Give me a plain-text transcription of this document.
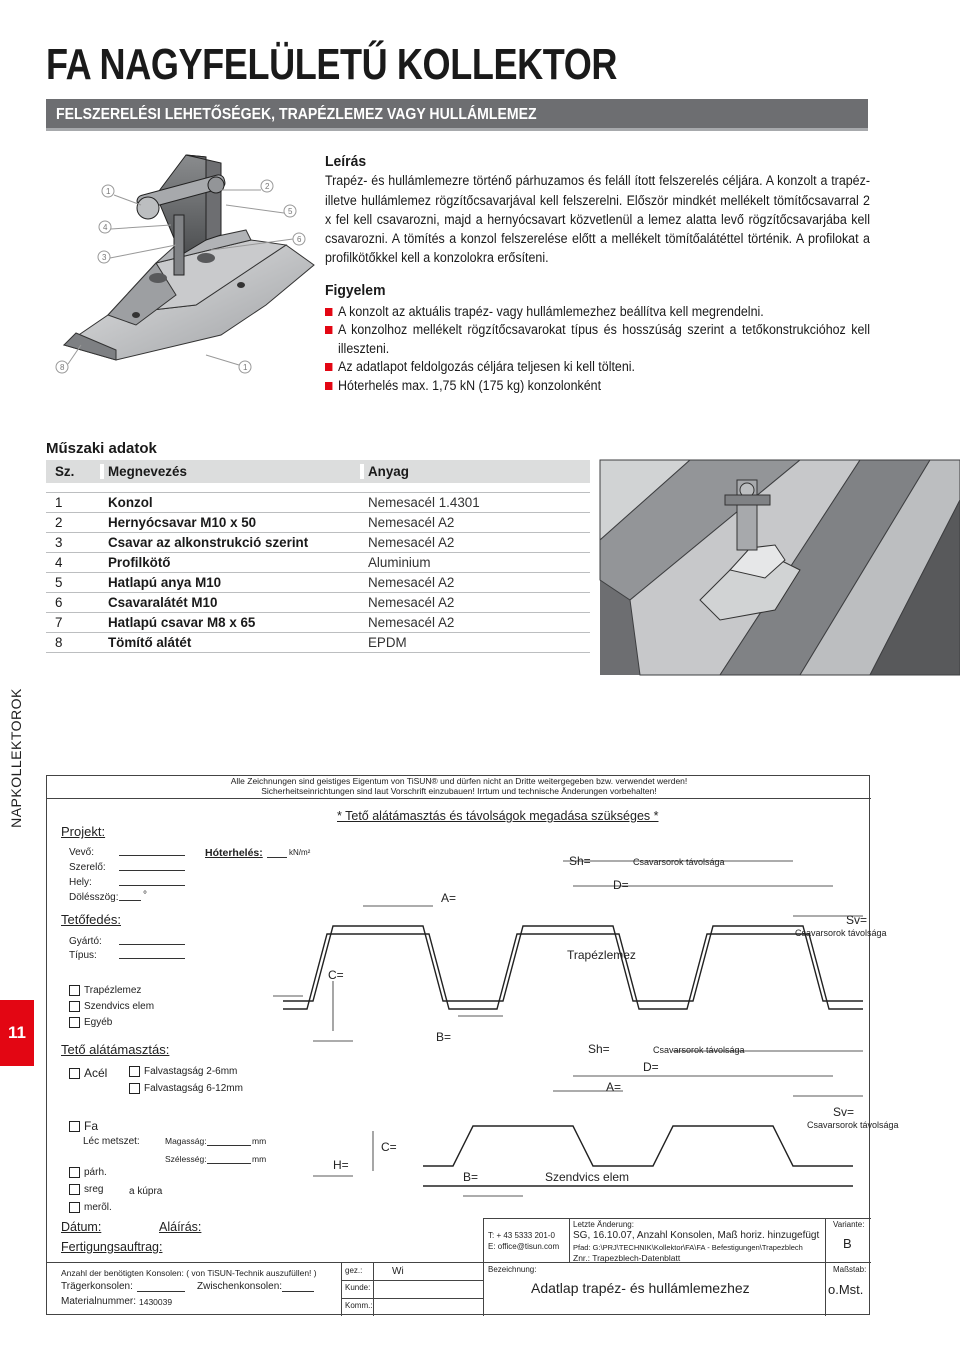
NAPKOLLEKTOROK
11
FA NAGYFELÜLETŰ KOLLEKTOR
FELSZERELÉSI LEHETŐSÉGEK, TRAPÉZLEMEZ VAGY HULLÁMLEMEZ
1
2
5
4
6
3
8	1
Leírás

Trapéz- és hullámlemezre történő párhuzamos és feláll ított felszerelés céljára. A konzolt a trapéz-illetve hullámlemez rögzítőcsavarjával kell felszerelni. Először mindkét mellékelt tömítőcsavarral 2 x fel kell csavarozni, majd a hernyócsavart közvetlenül a lemez alatta levő rögzítőcsavarjába kell csavarozni. A tömítés a konzol felszerelése előtt a mellékelt tömítőalátéttel történik. A profilokat a profilkötőkkel kell a konzolokra erősíteni.

Figyelem
A konzolt az aktuális trapéz- vagy hullámlemezhez beállítva kell megrendelni.
A konzolhoz mellékelt rögzítőcsavarokat típus és hosszúság szerint a tetőkonstrukcióhoz kell illeszteni.
Az adatlapot feldolgozás céljára teljesen ki kell tölteni.
Hóterhelés max. 1,75 kN (175 kg) konzolonként
Műszaki adatok
Sz.	Megnevezés	Anyag
1	Konzol	Nemesacél 1.4301
2	Hernyócsavar M10 x 50	Nemesacél A2
3	Csavar az alkonstrukció szerint	Nemesacél A2
4	Profilkötő	Aluminium
5	Hatlapú anya M10	Nemesacél A2
6	Csavaralátét M10	Nemesacél A2
7	Hatlapú csavar M8 x 65	Nemesacél A2
8	Tömítő alátét	EPDM
Alle Zeichnungen sind geistiges Eigentum von TiSUN® und dürfen nicht an Dritte weitergegeben bzw. verwendet werden!
Sicherheitseinrichtungen sind laut Vorschrift einzubauen! Irrtum und technische Änderungen vorbehalten!
* Tető alátámasztás és távolságok megadása szükséges *
Projekt:
Vevő:
Szerelő:
Hely:
Dölésszög: °
Hóterhelés:	kN/m²
Tetőfedés:
Gyártó:
Típus:
Trapézlemez
Szendvics elem
Egyéb
Tető alátámasztás:
Acél	Falvastagság 2-6mm
Falvastagság 6-12mm
Fa
Léc metszet:	Magasság:	mm
Szélesség:	mm
párh.
sreg	a kúpra
merõl.
Dátum:	Aláírás:
Fertigungsauftrag:
Anzahl der benötigten Konsolen: ( von TiSUN-Technik auszufüllen! )
Trägerkonsolen:	Zwischenkonsolen:
Materialnummer: 1430039
gez.:	Wi
Kunde:
Komm.:
T: + 43 5333 201-0
E: office@tisun.com
Bezeichnung:
Adatlap trapéz- és hullámlemezhez
Letzte Änderung:
SG, 16.10.07, Anzahl Konsolen, Maß horiz. hinzugefügt
Pfad: G:\PRJ\TECHNIK\Kollektor\FA\FA - Befestigungen\Trapezblech
Znr.: Trapezblech-Datenblatt
Variante:
B
Maßstab:
o.Mst.
Sh=	Csavarsorok távolsága
D=
A=
Sv=
Csavarsorok távolsága
Trapézlemez
C=
B=
Sh=	Csavarsorok távolsága
D=
A=
Sv=
Csavarsorok távolsága
C=
H=
B=	Szendvics elem
